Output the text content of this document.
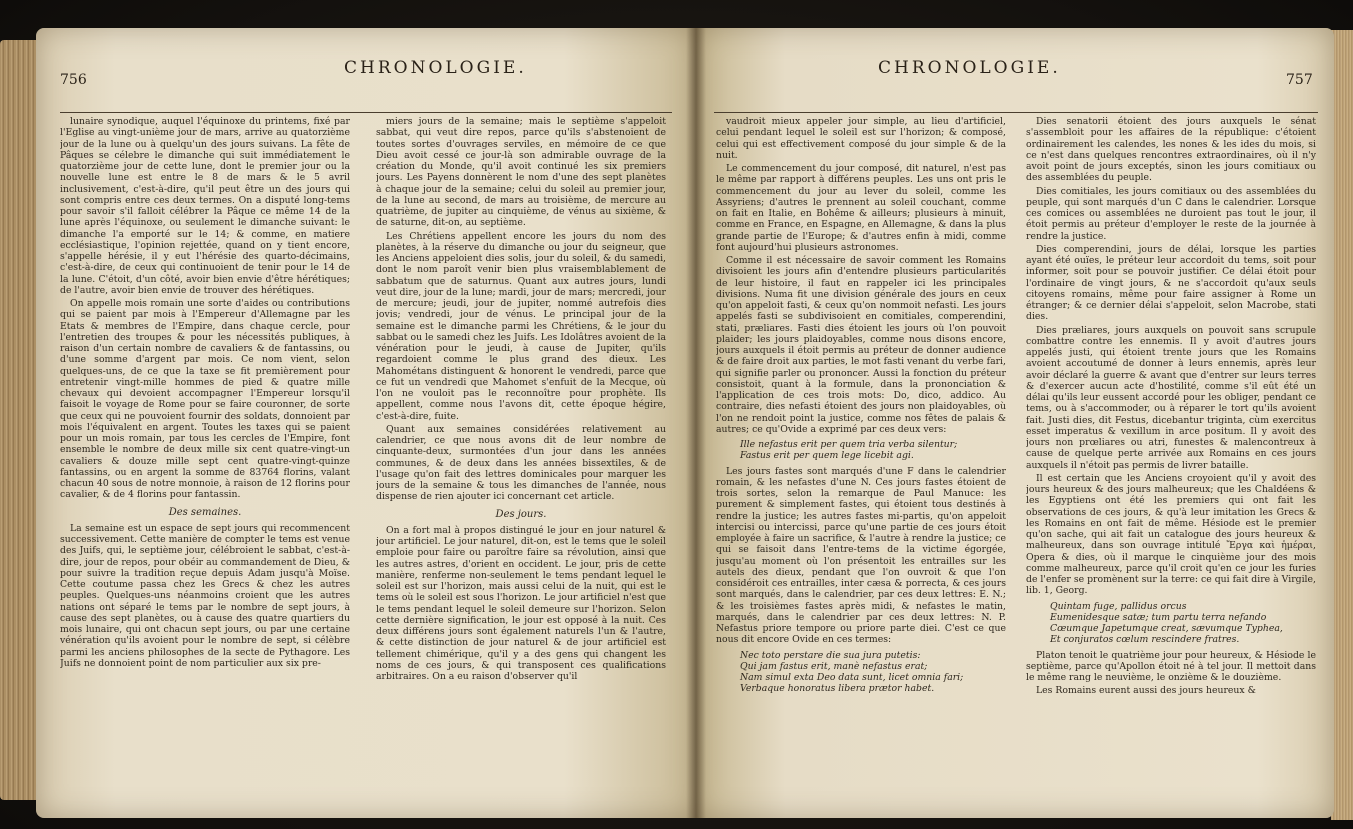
756
CHRONOLOGIE.

lunaire synodique, auquel l'équinoxe du printems, fixé par l'Eglise au vingt-unième jour de mars, arrive au quatorzième jour de la lune ou à quelqu'un des jours suivans. La fête de Pâques se célebre le dimanche qui suit immédiatement le quatorzième jour de cette lune, dont le premier jour ou la nouvelle lune est entre le 8 de mars & le 5 avril inclusivement, c'est-à-dire, qu'il peut être un des jours qui sont compris entre ces deux termes. On a disputé long-tems pour savoir s'il falloit célébrer la Pâque ce même 14 de la lune après l'équinoxe, ou seulement le dimanche suivant: le dimanche l'a emporté sur le 14; & comme, en matiere ecclésiastique, l'opinion rejettée, quand on y tient encore, s'appelle hérésie, il y eut l'hérésie des quarto-décimains, c'est-à-dire, de ceux qui continuoient de tenir pour le 14 de la lune. C'étoit, d'un côté, avoir bien envie d'être hérétiques; de l'autre, avoir bien envie de trouver des hérétiques.

On appelle mois romain une sorte d'aides ou contributions qui se paient par mois à l'Empereur d'Allemagne par les Etats & membres de l'Empire, dans chaque cercle, pour l'entretien des troupes & pour les nécessités publiques, à raison d'un certain nombre de cavaliers & de fantassins, ou d'une somme d'argent par mois. Ce nom vient, selon quelques-uns, de ce que la taxe se fit premièrement pour entretenir vingt-mille hommes de pied & quatre mille chevaux qui devoient accompagner l'Empereur lorsqu'il faisoit le voyage de Rome pour se faire couronner, de sorte que ceux qui ne pouvoient fournir des soldats, donnoient par mois l'équivalent en argent. Toutes les taxes qui se paient pour un mois romain, par tous les cercles de l'Empire, font ensemble le nombre de deux mille six cent quatre-vingt-un cavaliers & douze mille sept cent quatre-vingt-quinze fantassins, ou en argent la somme de 83764 florins, valant chacun 40 sous de notre monnoie, à raison de 12 florins pour cavalier, & de 4 florins pour fantassin.

Des semaines.

La semaine est un espace de sept jours qui recommencent successivement. Cette manière de compter le tems est venue des Juifs, qui, le septième jour, célébroient le sabbat, c'est-à-dire, jour de repos, pour obéir au commandement de Dieu, & pour suivre la tradition reçue depuis Adam jusqu'à Moïse. Cette coutume passa chez les Grecs & chez les autres peuples. Quelques-uns néanmoins croient que les autres nations ont séparé le tems par le nombre de sept jours, à cause des sept planètes, ou à cause des quatre quartiers du mois lunaire, qui ont chacun sept jours, ou par une certaine vénération qu'ils avoient pour le nombre de sept, si célèbre parmi les anciens philosophes de la secte de Pythagore. Les Juifs ne donnoient point de nom particulier aux six pre-

miers jours de la semaine; mais le septième s'appeloit sabbat, qui veut dire repos, parce qu'ils s'abstenoient de toutes sortes d'ouvrages serviles, en mémoire de ce que Dieu avoit cessé ce jour-là son admirable ouvrage de la création du Monde, qu'il avoit continué les six premiers jours. Les Payens donnèrent le nom d'une des sept planètes à chaque jour de la semaine; celui du soleil au premier jour, de la lune au second, de mars au troisième, de mercure au quatrième, de jupiter au cinquième, de vénus au sixième, & de saturne, dit-on, au septième.

Les Chrétiens appellent encore les jours du nom des planètes, à la réserve du dimanche ou jour du seigneur, que les Anciens appeloient dies solis, jour du soleil, & du samedi, dont le nom paroît venir bien plus vraisemblablement de sabbatum que de saturnus. Quant aux autres jours, lundi veut dire, jour de la lune; mardi, jour de mars; mercredi, jour de mercure; jeudi, jour de jupiter, nommé autrefois dies jovis; vendredi, jour de vénus. Le principal jour de la semaine est le dimanche parmi les Chrétiens, & le jour du sabbat ou le samedi chez les Juifs. Les Idolâtres avoient de la vénération pour le jeudi, à cause de Jupiter, qu'ils regardoient comme le plus grand des dieux. Les Mahométans distinguent & honorent le vendredi, parce que ce fut un vendredi que Mahomet s'enfuit de la Mecque, où l'on ne vouloit pas le reconnoître pour prophète. Ils appellent, comme nous l'avons dit, cette époque hégire, c'est-à-dire, fuite.

Quant aux semaines considérées relativement au calendrier, ce que nous avons dit de leur nombre de cinquante-deux, surmontées d'un jour dans les années communes, & de deux dans les années bissextiles, & de l'usage qu'on fait des lettres dominicales pour marquer les jours de la semaine & tous les dimanches de l'année, nous dispense de rien ajouter ici concernant cet article.

Des jours.

On a fort mal à propos distingué le jour en jour naturel & jour artificiel. Le jour naturel, dit-on, est le tems que le soleil emploie pour faire ou paroître faire sa révolution, ainsi que les autres astres, d'orient en occident. Le jour, pris de cette manière, renferme non-seulement le tems pendant lequel le soleil est sur l'horizon, mais aussi celui de la nuit, qui est le tems où le soleil est sous l'horizon. Le jour artificiel n'est que le tems pendant lequel le soleil demeure sur l'horizon. Selon cette dernière signification, le jour est opposé à la nuit. Ces deux différens jours sont également naturels l'un & l'autre, & cette distinction de jour naturel & de jour artificiel est tellement chimérique, qu'il y a des gens qui changent les noms de ces jours, & qui transposent ces qualifications arbitraires. On a eu raison d'observer qu'il

CHRONOLOGIE.
757

vaudroit mieux appeler jour simple, au lieu d'artificiel, celui pendant lequel le soleil est sur l'horizon; & composé, celui qui est effectivement composé du jour simple & de la nuit.

Le commencement du jour composé, dit naturel, n'est pas le même par rapport à différens peuples. Les uns ont pris le commencement du jour au lever du soleil, comme les Assyriens; d'autres le prennent au soleil couchant, comme on fait en Italie, en Bohême & ailleurs; plusieurs à minuit, comme en France, en Espagne, en Allemagne, & dans la plus grande partie de l'Europe; & d'autres enfin à midi, comme font aujourd'hui plusieurs astronomes.

Comme il est nécessaire de savoir comment les Romains divisoient les jours afin d'entendre plusieurs particularités de leur histoire, il faut en rappeler ici les principales divisions. Numa fit une division générale des jours en ceux qu'on appeloit fasti, & ceux qu'on nommoit nefasti. Les jours appelés fasti se subdivisoient en comitiales, comperendini, stati, præliares. Fasti dies étoient les jours où l'on pouvoit plaider; les jours plaidoyables, comme nous disons encore, jours auxquels il étoit permis au préteur de donner audience & de faire droit aux parties, le mot fasti venant du verbe fari, qui signifie parler ou prononcer. Aussi la fonction du préteur consistoit, quant à la formule, dans la prononciation & l'application de ces trois mots: Do, dico, addico. Au contraire, dies nefasti étoient des jours non plaidoyables, où l'on ne rendoit point la justice, comme nos fêtes de palais & autres; ce qu'Ovide a exprimé par ces deux vers:

Ille nefastus erit per quem tria verba silentur;
Fastus erit per quem lege licebit agi.

Les jours fastes sont marqués d'une F dans le calendrier romain, & les nefastes d'une N. Ces jours fastes étoient de trois sortes, selon la remarque de Paul Manuce: les purement & simplement fastes, qui étoient tous destinés à rendre la justice; les autres fastes mi-partis, qu'on appeloit intercisi ou intercissi, parce qu'une partie de ces jours étoit employée à faire un sacrifice, & l'autre à rendre la justice; ce qui se faisoit dans l'entre-tems de la victime égorgée, jusqu'au moment où l'on présentoit les entrailles sur les autels des dieux, pendant que l'on ouvroit & que l'on considéroit ces entrailles, inter cæsa & porrecta, & ces jours sont marqués, dans le calendrier, par ces deux lettres: E. N.; & les troisièmes fastes après midi, & nefastes le matin, marqués, dans le calendrier par ces deux lettres: N. P. Nefastus priore tempore ou priore parte diei. C'est ce que nous dit encore Ovide en ces termes:

Nec toto perstare die sua jura putetis:
Qui jam fastus erit, manè nefastus erat;
Nam simul exta Deo data sunt, licet omnia fari;
Verbaque honoratus libera prætor habet.

Dies senatorii étoient des jours auxquels le sénat s'assembloit pour les affaires de la république: c'étoient ordinairement les calendes, les nones & les ides du mois, si ce n'est dans quelques rencontres extraordinaires, où il n'y avoit point de jours exceptés, sinon les jours comitiaux ou des assemblées du peuple.

Dies comitiales, les jours comitiaux ou des assemblées du peuple, qui sont marqués d'un C dans le calendrier. Lorsque ces comices ou assemblées ne duroient pas tout le jour, il étoit permis au préteur d'employer le reste de la journée à rendre la justice.

Dies comperendini, jours de délai, lorsque les parties ayant été ouïes, le préteur leur accordoit du tems, soit pour informer, soit pour se pouvoir justifier. Ce délai étoit pour l'ordinaire de vingt jours, & ne s'accordoit qu'aux seuls citoyens romains, même pour faire assigner à Rome un étranger; & ce dernier délai s'appeloit, selon Macrobe, stati dies.

Dies præliares, jours auxquels on pouvoit sans scrupule combattre contre les ennemis. Il y avoit d'autres jours appelés justi, qui étoient trente jours que les Romains avoient accoutumé de donner à leurs ennemis, après leur avoir déclaré la guerre & avant que d'entrer sur leurs terres & d'exercer aucun acte d'hostilité, comme s'il eût été un délai qu'ils leur eussent accordé pour les obliger, pendant ce tems, ou à s'accommoder, ou à réparer le tort qu'ils avoient fait. Justi dies, dit Festus, dicebantur triginta, cùm exercitus esset imperatus & vexillum in arce positum. Il y avoit des jours non prœliares ou atri, funestes & malencontreux à cause de quelque perte arrivée aux Romains en ces jours auxquels il n'étoit pas permis de livrer bataille.

Il est certain que les Anciens croyoient qu'il y avoit des jours heureux & des jours malheureux; que les Chaldéens & les Egyptiens ont été les premiers qui ont fait les observations de ces jours, & qu'à leur imitation les Grecs & les Romains en ont fait de même. Hésiode est le premier qu'on sache, qui ait fait un catalogue des jours heureux & malheureux, dans son ouvrage intitulé Ἔργα καὶ ἡμέραι, Opera & dies, où il marque le cinquième jour des mois comme malheureux, parce qu'il croit qu'en ce jour les furies de l'enfer se promènent sur la terre: ce qui fait dire à Virgile, lib. 1, Georg.

Quintam fuge, pallidus orcus
Eumenidesque satæ; tum partu terra nefando
Cœumque Japetumque creat, sævumque Typhea,
Et conjuratos cœlum rescindere fratres.

Platon tenoit le quatrième jour pour heureux, & Hésiode le septième, parce qu'Apollon étoit né à tel jour. Il mettoit dans le même rang le neuvième, le onzième & le douzième.

Les Romains eurent aussi des jours heureux &
